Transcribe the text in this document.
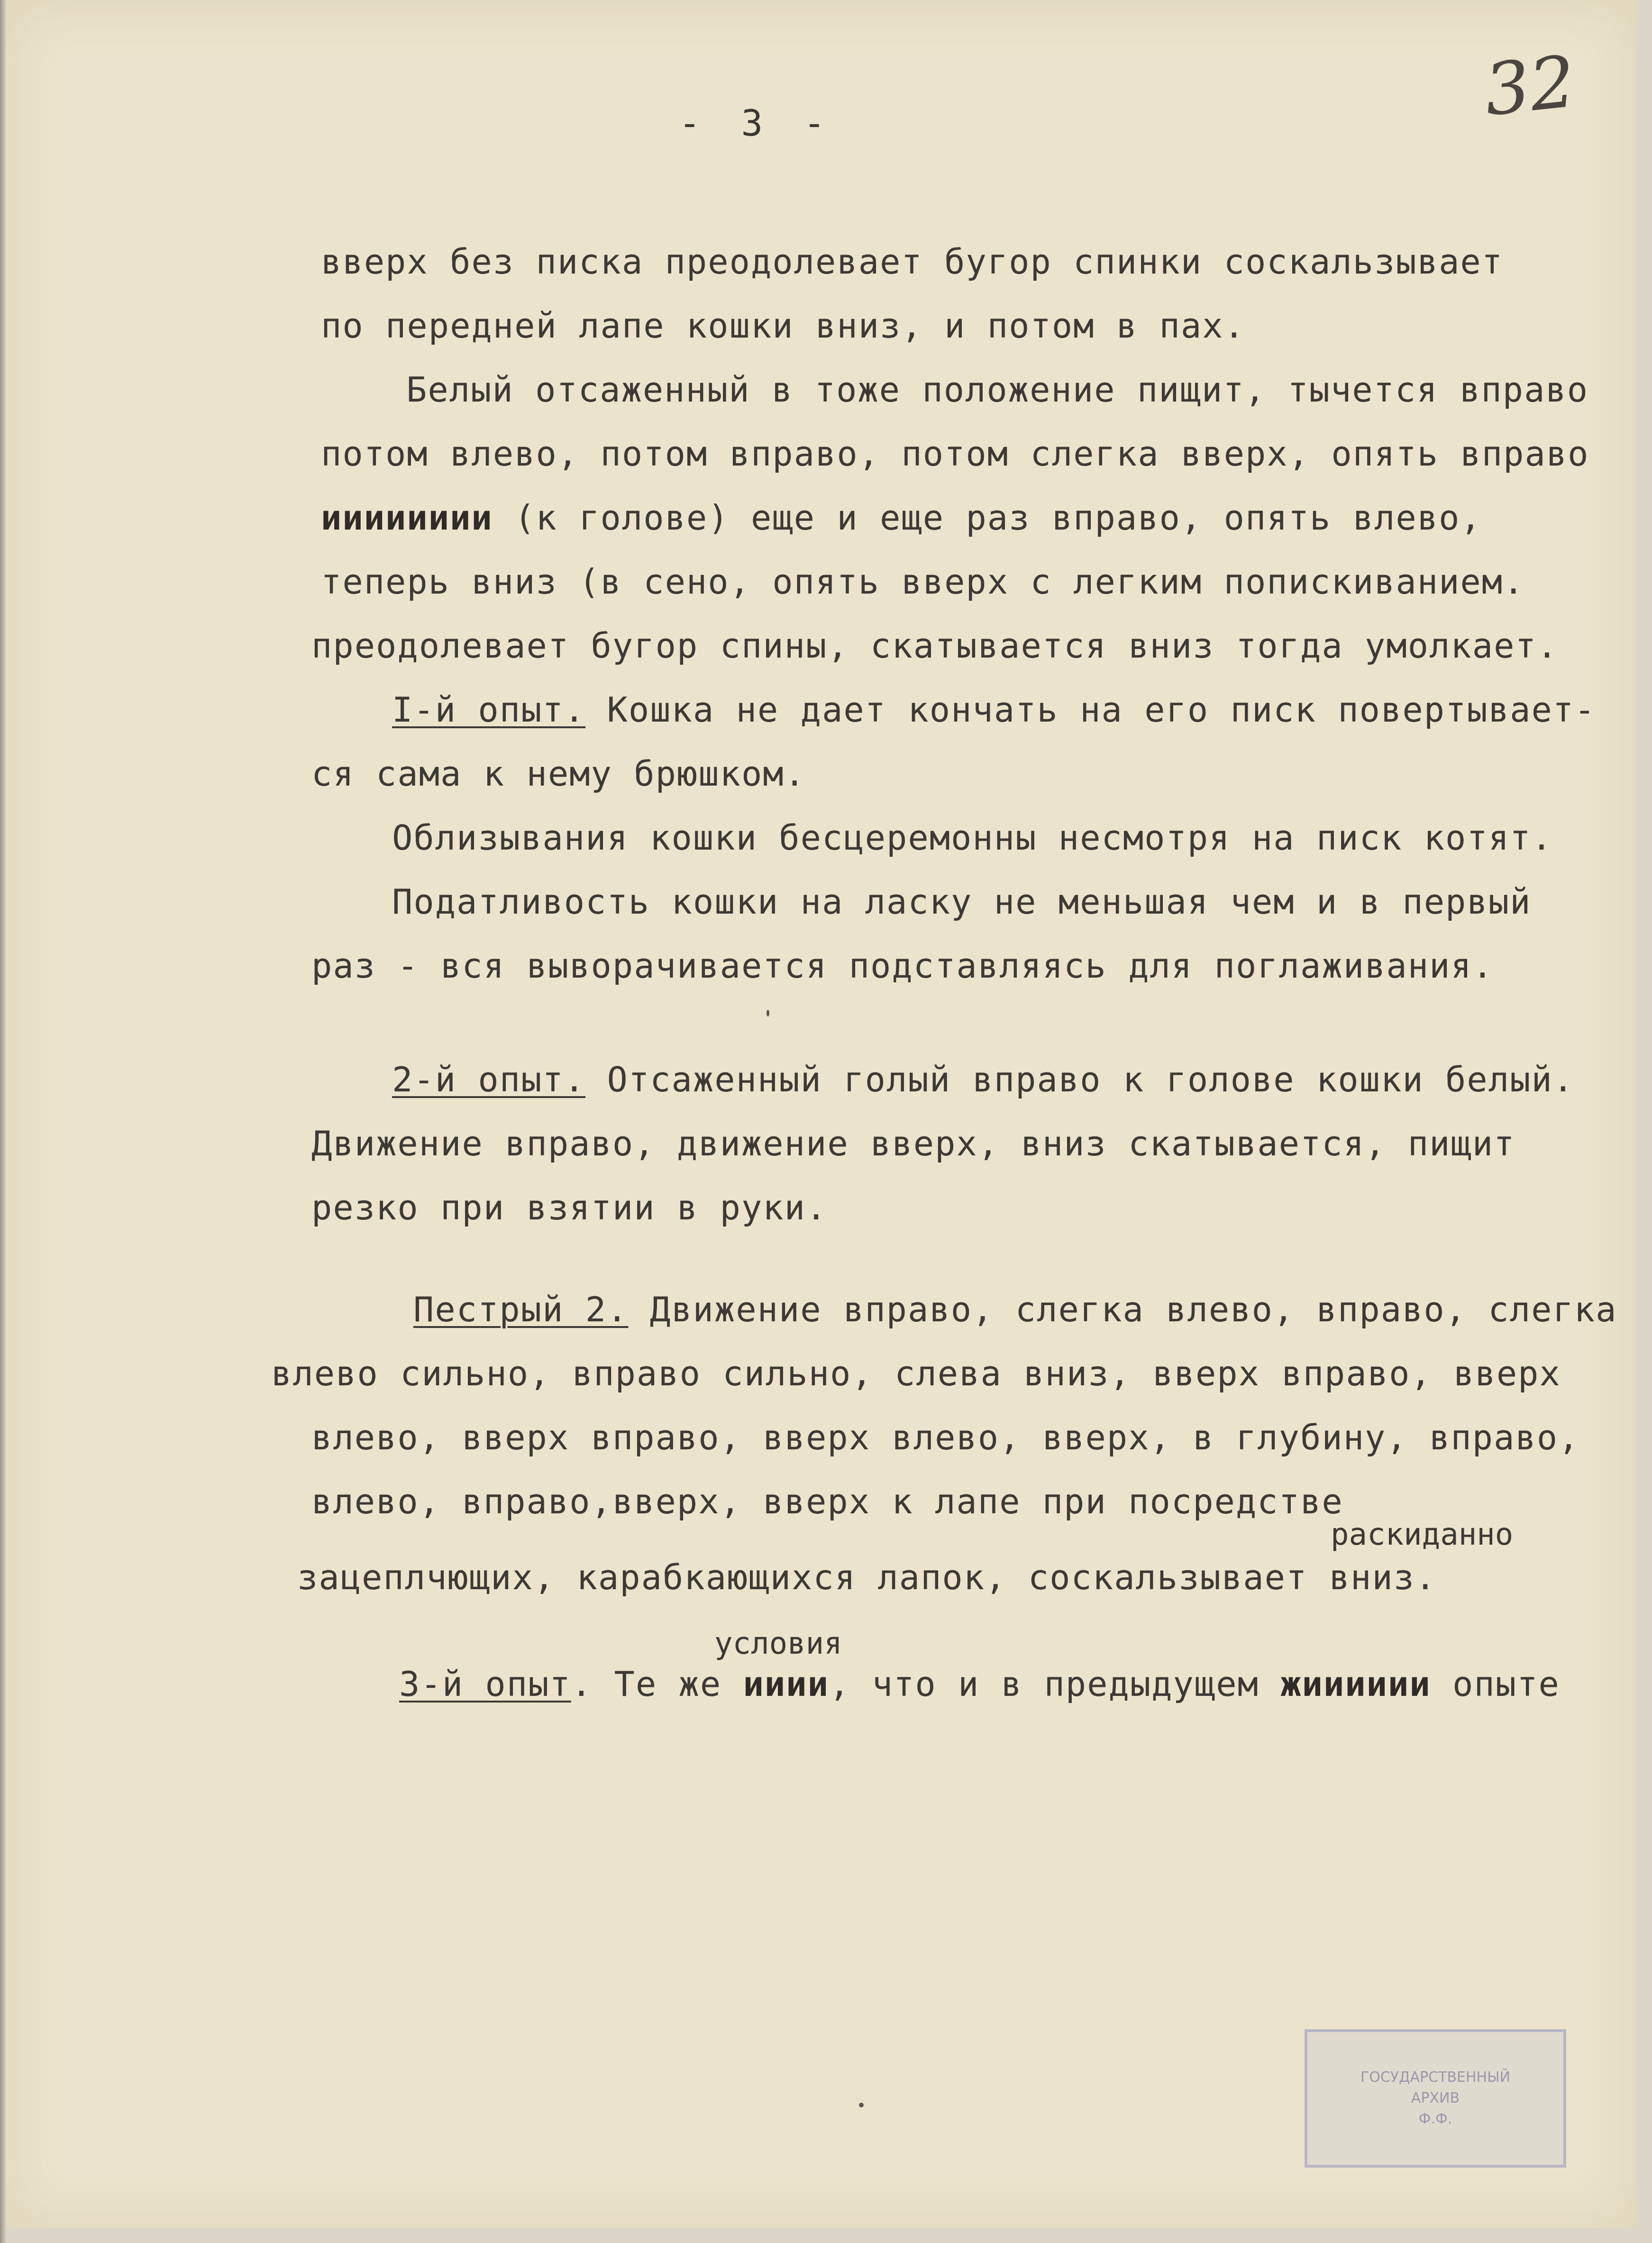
32
- 3 -
вверх без писка преодолевает бугор спинки соскальзывает
по передней лапе кошки вниз, и потом в пах.
Белый отсаженный в тоже положение пищит, тычется вправо
потом влево, потом вправо, потом слегка вверх, опять вправо
ииииииии (к голове) еще и еще раз вправо, опять влево,
теперь вниз (в сено, опять вверх с легким попискиванием.
преодолевает бугор спины, скатывается вниз тогда умолкает.
I-й опыт. Кошка не дает кончать на его писк повертывает-
ся сама к нему брюшком.
Облизывания кошки бесцеремонны несмотря на писк котят.
Податливость кошки на ласку не меньшая чем и в первый
раз - вся выворачивается подставляясь для поглаживания.
2-й опыт. Отсаженный голый вправо к голове кошки белый.
Движение вправо, движение вверх, вниз скатывается, пищит
резко при взятии в руки.
Пестрый 2. Движение вправо, слегка влево, вправо, слегка
влево сильно, вправо сильно, слева вниз, вверх вправо, вверх
влево, вверх вправо, вверх влево, вверх, в глубину, вправо,
влево, вправо,вверх, вверх к лапе при посредстве
раскиданно
зацеплчющих, карабкающихся лапок, соскальзывает вниз.
условия
3-й опыт. Те же ииии, что и в предыдущем жииииии опыте
ГОСУДАРСТВЕННЫЙ
АРХИВ
Ф.Ф.
